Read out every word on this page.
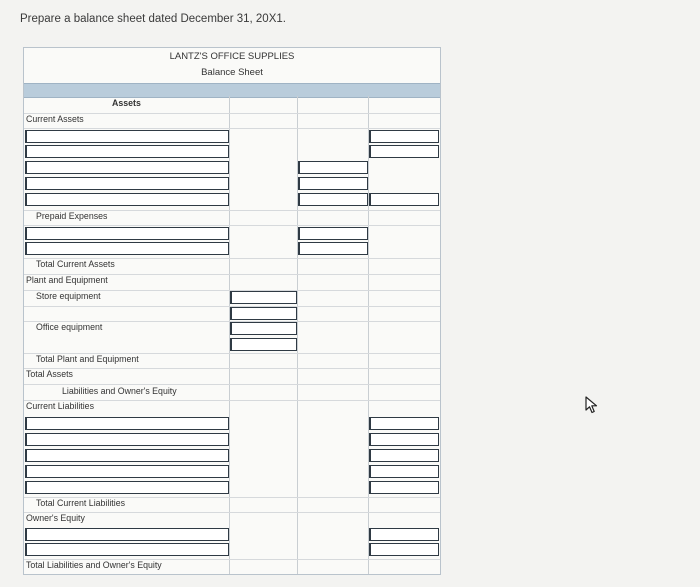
Prepare a balance sheet dated December 31, 20X1.
LANTZ'S OFFICE SUPPLIES
Balance Sheet
Assets
Current Assets
Prepaid Expenses
Total Current Assets
Plant and Equipment
Store equipment
Office equipment
Total Plant and Equipment
Total Assets
Liabilities and Owner's Equity
Current Liabilities
Total Current Liabilities
Owner's Equity
Total Liabilities and Owner's Equity
